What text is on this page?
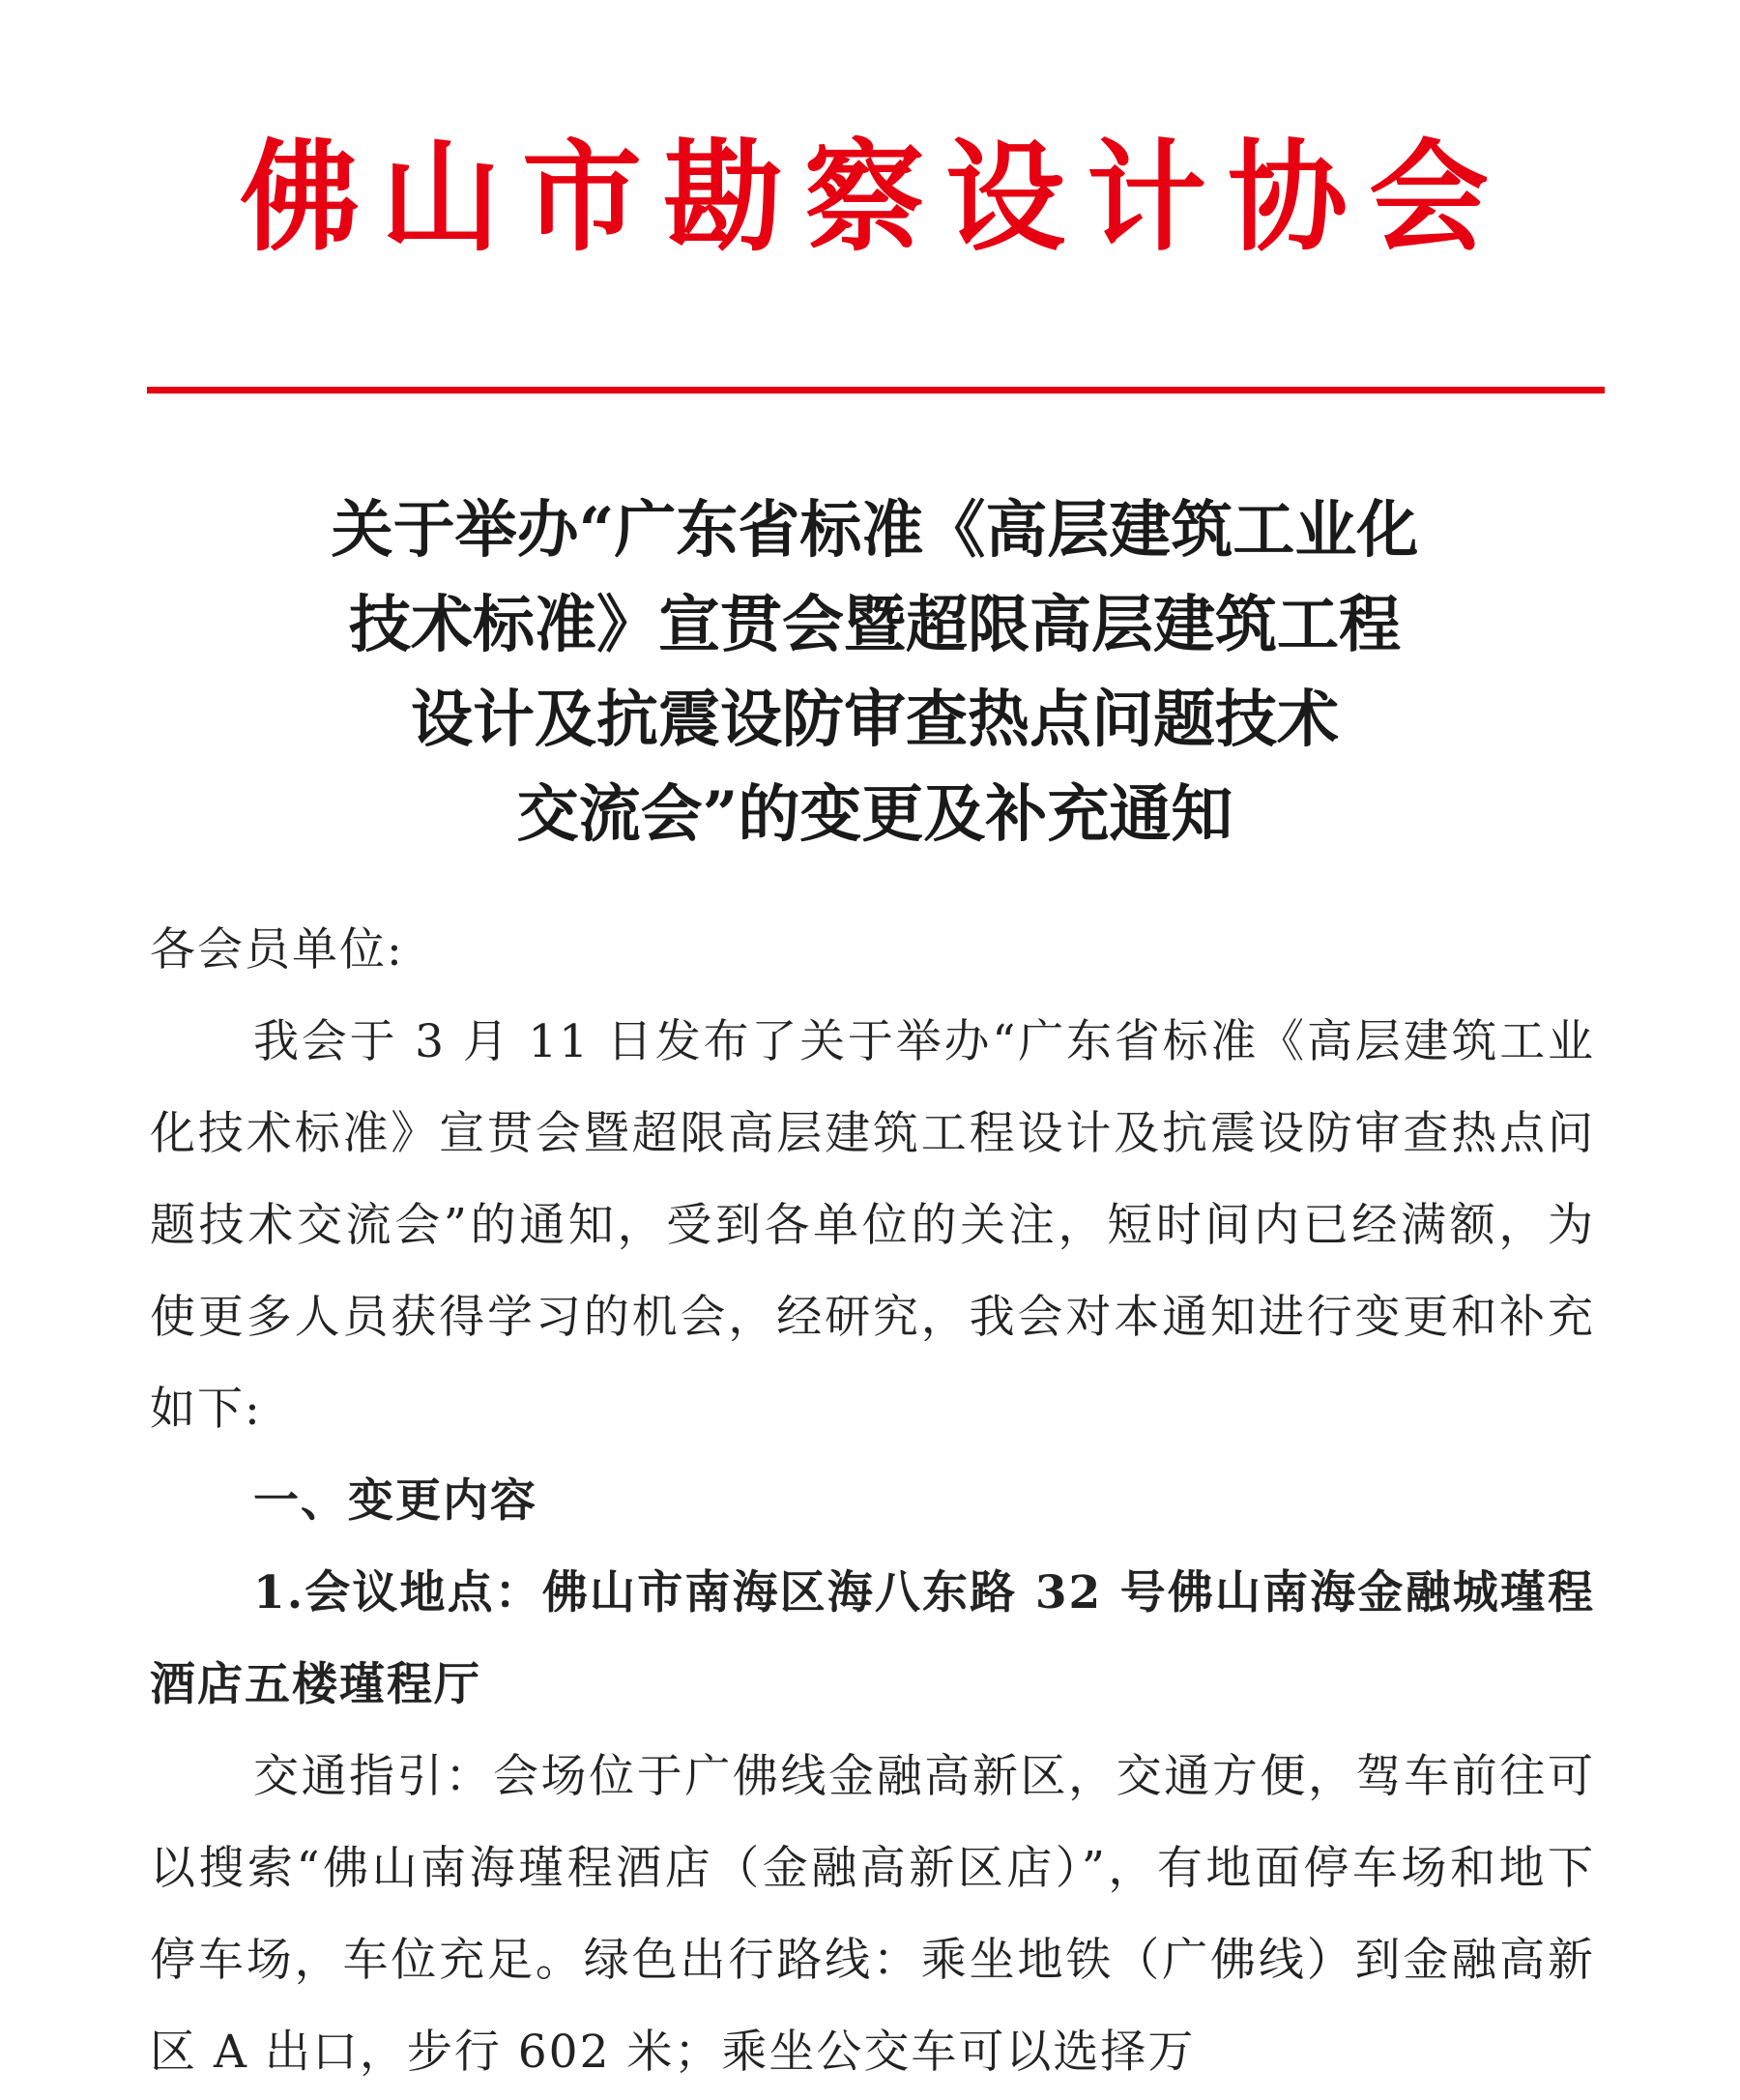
佛山市勘察设计协会
关于举办“广东省标准《高层建筑工业化
技术标准》宣贯会暨超限高层建筑工程
设计及抗震设防审查热点问题技术
交流会”的变更及补充通知

各会员单位:

我会于 3 月 11 日发布了关于举办“广东省标准《高层建筑工业化技术标准》宣贯会暨超限高层建筑工程设计及抗震设防审查热点问题技术交流会”的通知，受到各单位的关注，短时间内已经满额，为使更多人员获得学习的机会，经研究，我会对本通知进行变更和补充如下:

一、变更内容

1.会议地点：佛山市南海区海八东路 32 号佛山南海金融城瑾程酒店五楼瑾程厅

交通指引：会场位于广佛线金融高新区，交通方便，驾车前往可以搜索“佛山南海瑾程酒店（金融高新区店）”，有地面停车场和地下停车场，车位充足。绿色出行路线：乘坐地铁（广佛线）到金融高新区 A 出口，步行 602 米；乘坐公交车可以选择万
